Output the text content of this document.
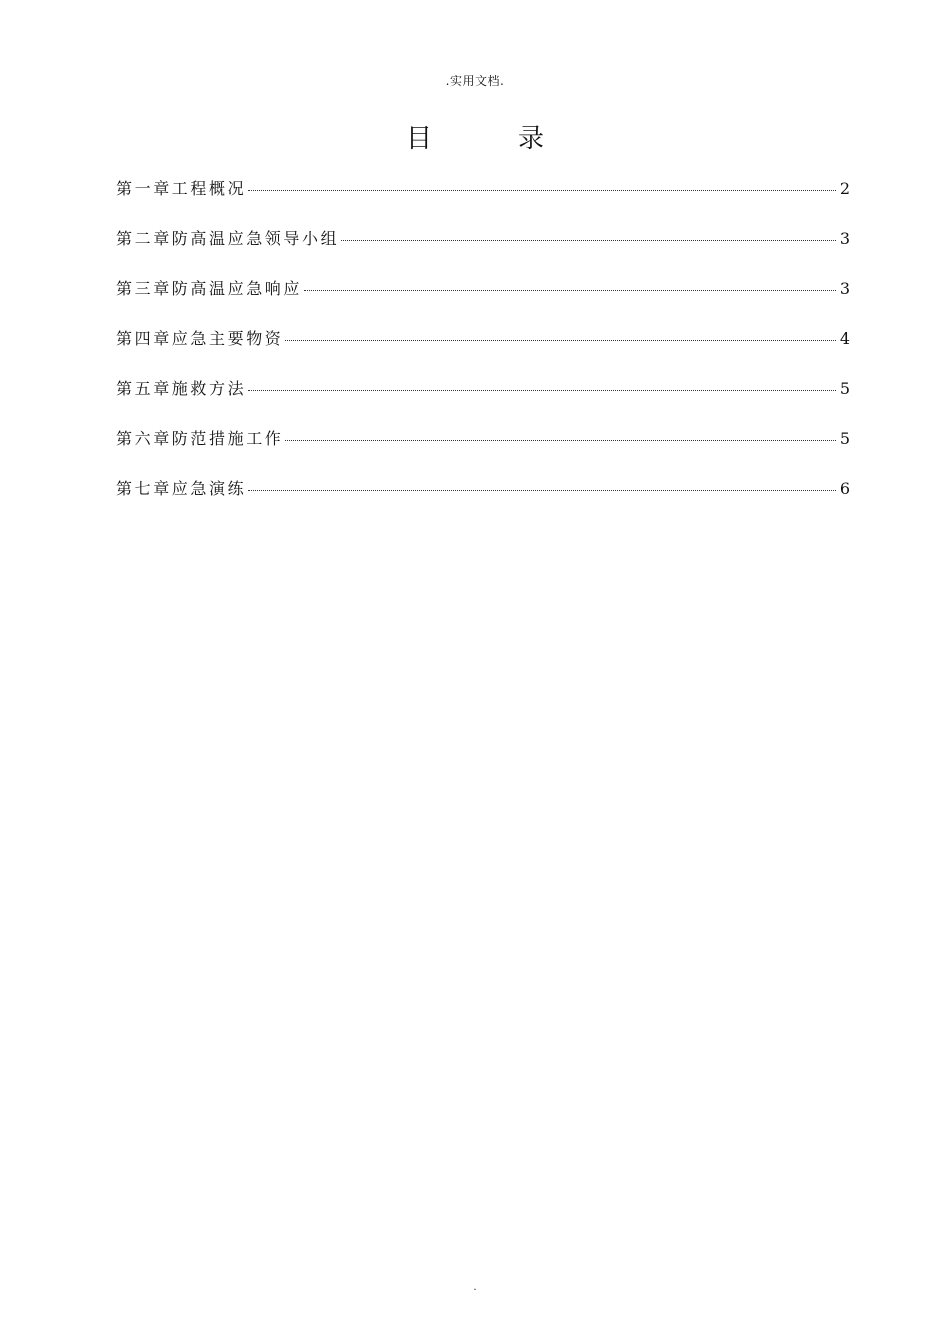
.实用文档.
目	录
第一章工程概况	2
第二章防高温应急领导小组	3
第三章防高温应急响应	3
第四章应急主要物资	4
第五章施救方法	5
第六章防范措施工作	5
第七章应急演练	6
.
